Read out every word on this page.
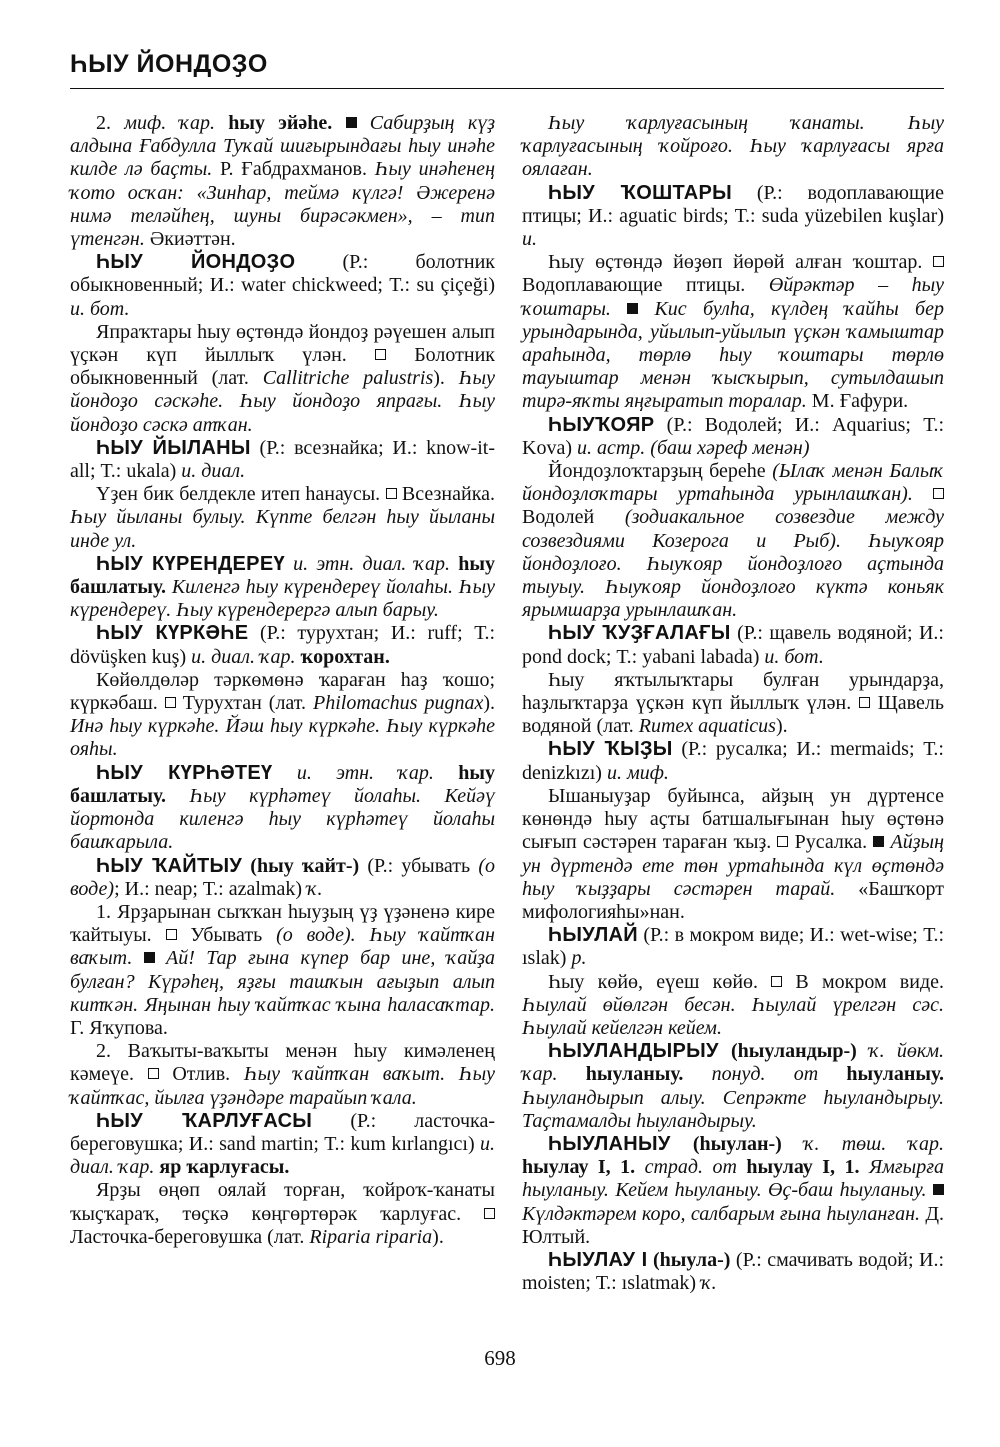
ҺЫУ ЙОНДОҘО

2. миф. ҡар. һыу эйәһе.  Сабирҙың күҙ алдына Ғабдулла Туҡай шиғырындағы һыу инәһе килде лә баҫты. Р. Ғабдрахманов. Һыу инәһенең ҡото осҡан: «Зинһар, теймә күлгә! Әжеренә нимә теләйһең, шуны бирәсәкмен», – тип үтенгән. Әкиәттән.

ҺЫУ ЙОНДОҘО (Р.: болотник обыкновенный; И.: water chickweed; Т.: su çiçeği) и. бот.

Япраҡтары һыу өҫтөндә йондоҙ рәүешен алып үҫкән күп йыллыҡ үлән.  Болотник обыкновенный (лат. Callitriche palustris). Һыу йондоҙо сәскәһе. Һыу йондоҙо япрағы. Һыу йондоҙо сәскә атҡан.

ҺЫУ ЙЫЛАНЫ (Р.: всезнайка; И.: know-it-all; Т.: ukala) и. диал.

Үҙен бик белдекле итеп һанаусы.  Всезнайка. Һыу йыланы булыу. Күпте белгән һыу йыланы инде ул.

ҺЫУ КҮРЕНДЕРЕҮ и. этн. диал. ҡар. һыу башлатыу. Киленгә һыу күрендереү йолаһы. Һыу күрендереү. Һыу күрендерергә алып барыу.

ҺЫУ КҮРКӘҺЕ (Р.: турухтан; И.: ruff; Т.: dövüşken kuş) и. диал. ҡар. ҡорохтан.

Көйөлдөләр тәркөмөнә ҡараған һаҙ ҡошо; күркәбаш.  Турухтан (лат. Philomachus pugnax). Инә һыу күркәһе. Йәш һыу күркәһе. Һыу күркәһе ояһы.

ҺЫУ КҮРҺӘТЕҮ и. этн. ҡар. һыу башлатыу. Һыу күрһәтеү йолаһы. Кейәү йортонда киленгә һыу күрһәтеү йолаһы башҡарыла.

ҺЫУ ҠАЙТЫУ (һыу ҡайт-) (Р.: убывать (о воде); И.: neap; Т.: azalmak) ҡ.

1. Ярҙарынан сыҡҡан һыуҙың үҙ үҙәненә кире ҡайтыуы.  Убывать (о воде). Һыу ҡайтҡан ваҡыт.  Ай! Тар ғына күпер бар ине, ҡайҙа булған? Күрәһең, яҙғы ташҡын ағыҙып алып китҡән. Яңынан һыу ҡайтҡас ҡына һаласаҡтар. Г. Яҡупова.

2. Ваҡыты-ваҡыты менән һыу кимәленең кәмеүе.  Отлив. Һыу ҡайтҡан ваҡыт. Һыу ҡайтҡас, йылға үҙәндәре тарайып ҡала.

ҺЫУ ҠАРЛУҒАСЫ (Р.: ласточка-береговушка; И.: sand martin; Т.: kum kırlangıcı) и. диал. ҡар. яр ҡарлуғасы.

Ярҙы өңөп оялай торған, ҡойроҡ-ҡанаты ҡыҫҡараҡ, төҫкә көңгөртөрәк ҡарлуғас.  Ласточка-береговушка (лат. Riparia riparia).

Һыу ҡарлуғасының ҡанаты. Һыу ҡарлуғасының ҡойроғо. Һыу ҡарлуғасы ярға оялаған.

ҺЫУ ҠОШТАРЫ (Р.: водоплавающие птицы; И.: aguatic birds; Т.: suda yüzebilen kuşlar) и.

Һыу өҫтөндә йөҙөп йөрөй алған ҡоштар.  Водоплавающие птицы. Өйрәктәр – һыу ҡоштары.  Кис булһа, күлдең ҡайһы бер урындарында, уйылып-уйылып үҫкән ҡамыштар араһында, төрлө һыу ҡоштары төрлө тауыштар менән ҡысҡырып, сутылдашып тирә-яҡты яңғыратып торалар. М. Ғафури.

ҺЫУҠОЯР (Р.: Водолей; И.: Aquarius; Т.: Kova) и. астр. (баш хәреф менән)

Йондоҙлоҡтарҙың береһе (Ылаҡ менән Балыҡ йондоҙлоҡтары уртаһында урынлашҡан).  Водолей (зодиакальное созвездие между созвездиями Козерога и Рыб). Һыуҡояр йондоҙлоғо. Һыуҡояр йондоҙлоғо аҫтында тыуыу. Һыуҡояр йондоҙлоғо күктә коньяк ярымшарҙа урынлашҡан.

ҺЫУ ҠУҘҒАЛАҒЫ (Р.: щавель водяной; И.: pond dock; Т.: yabani labada) и. бот.

Һыу яҡтылыҡтары булған урындарҙа, һаҙлыҡтарҙа үҫкән күп йыллыҡ үлән.  Щавель водяной (лат. Rumex aquaticus).

ҺЫУ ҠЫҘЫ (Р.: русалка; И.: mermaids; Т.: denizkızı) и. миф.

Ышаныуҙар буйынса, айҙың ун дүртенсе көнөндә һыу аҫты батшалығынан һыу өҫтөнә сығып сәстәрен тараған ҡыҙ.  Русалка.  Айҙың ун дүртендә ете төн уртаһында күл өҫтөндә һыу ҡыҙҙары сәстәрен тарай. «Башҡорт мифологияһы»нан.

ҺЫУЛАЙ (Р.: в мокром виде; И.: wet-wise; Т.: ıslak) р.

Һыу көйө, еүеш көйө.  В мокром виде. Һыулай өйөлгән бесән. Һыулай үрелгән сәс. Һыулай кейелгән кейем.

ҺЫУЛАНДЫРЫУ (һыуландыр-) ҡ. йөкм. ҡар. һыуланыу. понуд. от һыуланыу. Һыуландырып алыу. Сепрәкте һыуландырыу. Таҫтамалды һыуландырыу.

ҺЫУЛАНЫУ (һыулан-) ҡ. төш. ҡар. һыулау I, 1. страд. от һыулау I, 1. Ямғырға һыуланыу. Кейем һыуланыу. Өҫ-баш һыуланыу.  Күлдәктәрем коро, салбарым ғына һыуланған. Д. Юлтый.

ҺЫУЛАУ I (һыула-) (Р.: смачивать водой; И.: moisten; Т.: ıslatmak) ҡ.

698
